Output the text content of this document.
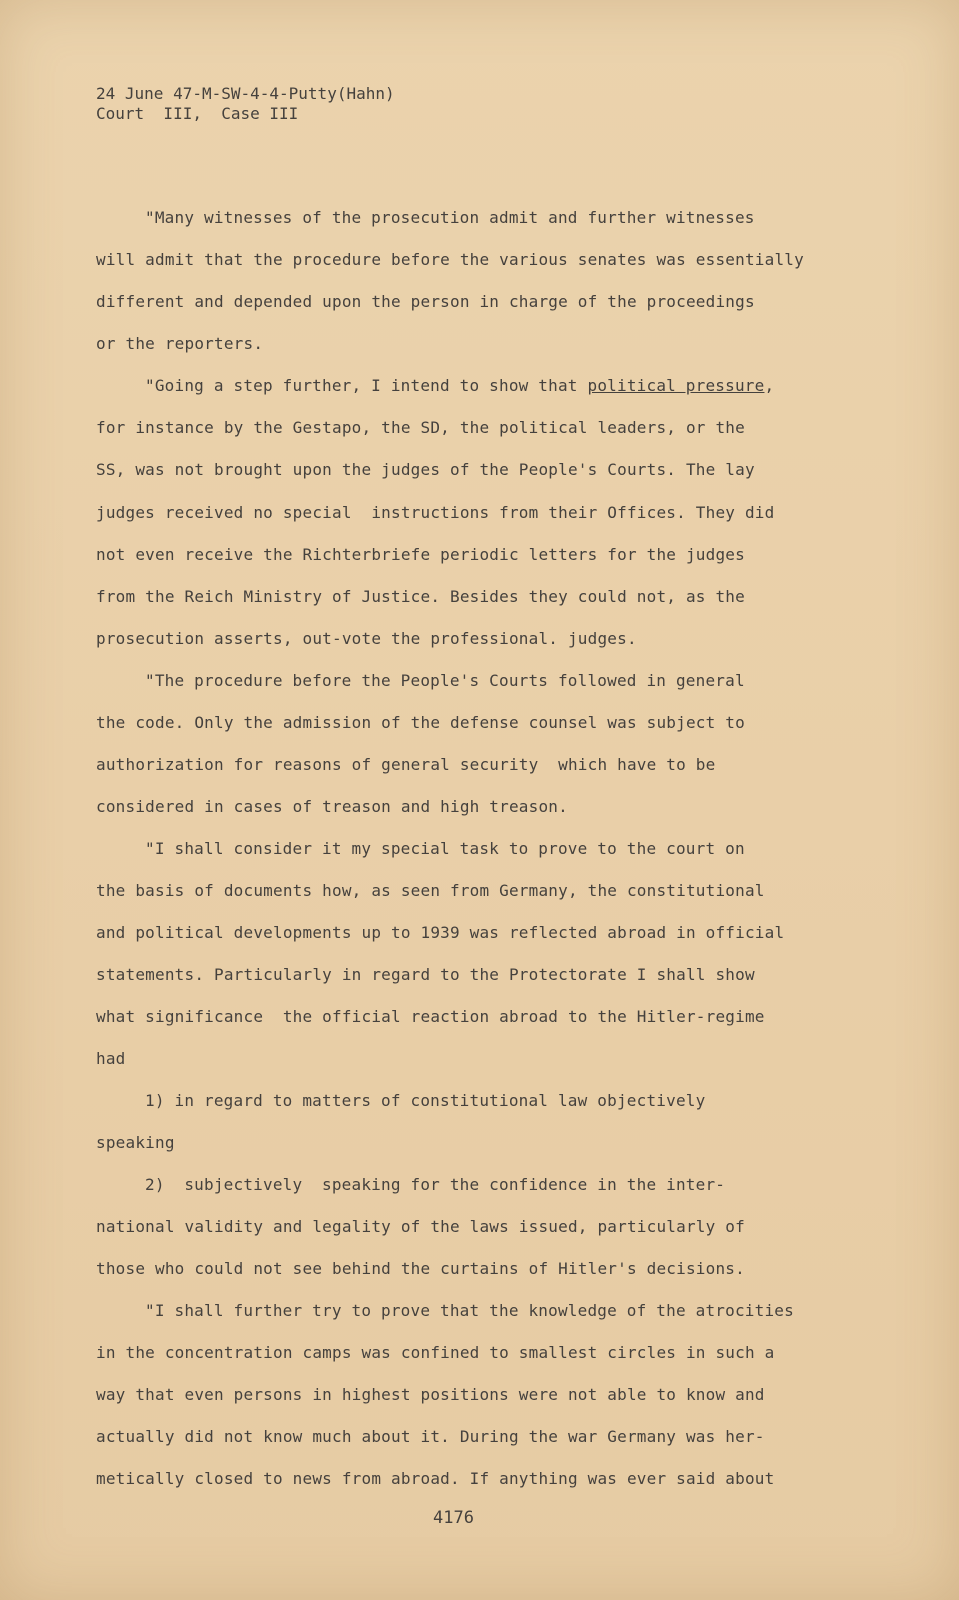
24 June 47-M-SW-4-4-Putty(Hahn)
Court  III,  Case III
"Many witnesses of the prosecution admit and further witnesses
will admit that the procedure before the various senates was essentially
different and depended upon the person in charge of the proceedings
or the reporters.
"Going a step further, I intend to show that political pressure,
for instance by the Gestapo, the SD, the political leaders, or the
SS, was not brought upon the judges of the People's Courts. The lay
judges received no special  instructions from their Offices. They did
not even receive the Richterbriefe periodic letters for the judges
from the Reich Ministry of Justice. Besides they could not, as the
prosecution asserts, out-vote the professional. judges.
"The procedure before the People's Courts followed in general
the code. Only the admission of the defense counsel was subject to
authorization for reasons of general security  which have to be
considered in cases of treason and high treason.
"I shall consider it my special task to prove to the court on
the basis of documents how, as seen from Germany, the constitutional
and political developments up to 1939 was reflected abroad in official
statements. Particularly in regard to the Protectorate I shall show
what significance  the official reaction abroad to the Hitler-regime
had
1) in regard to matters of constitutional law objectively
speaking
2)  subjectively  speaking for the confidence in the inter-
national validity and legality of the laws issued, particularly of
those who could not see behind the curtains of Hitler's decisions.
"I shall further try to prove that the knowledge of the atrocities
in the concentration camps was confined to smallest circles in such a
way that even persons in highest positions were not able to know and
actually did not know much about it. During the war Germany was her-
metically closed to news from abroad. If anything was ever said about
4176
